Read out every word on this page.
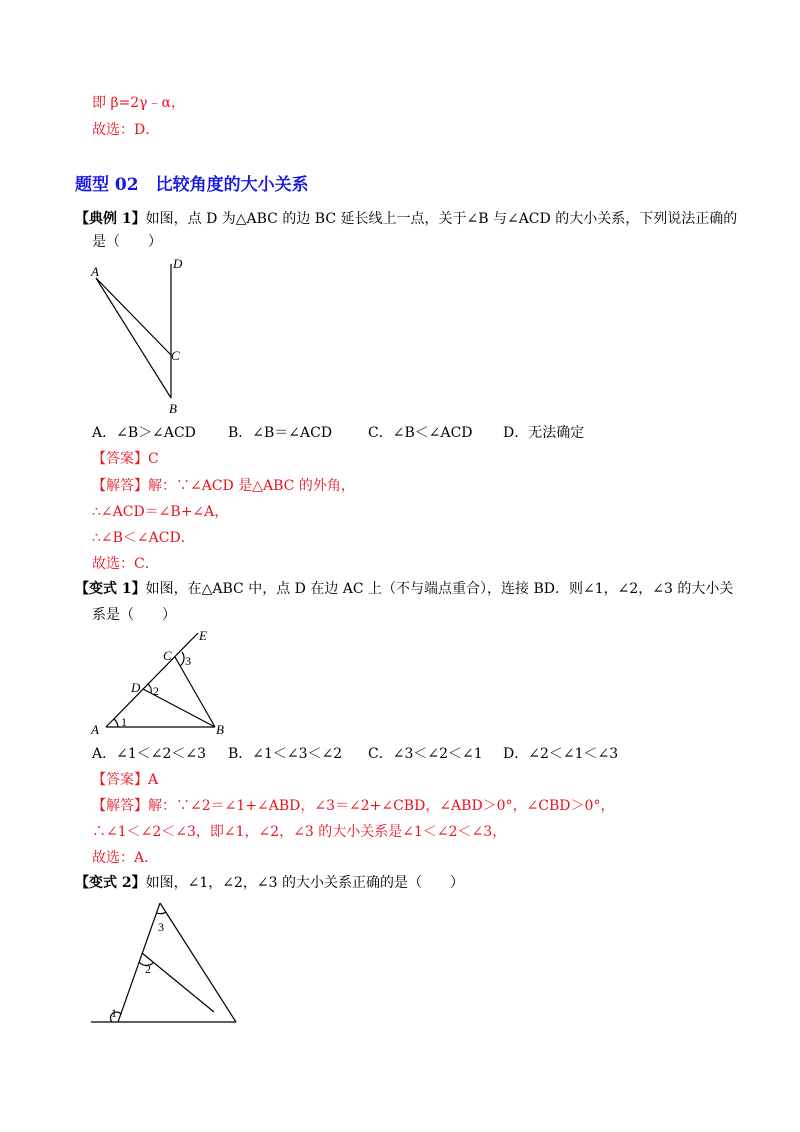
即 β=2γ﹣α，
故选：D．
题型 02　比较角度的大小关系
【典例 1】如图，点 D 为△ABC 的边 BC 延长线上一点，关于∠B 与∠ACD 的大小关系，下列说法正确的
是（　　）
A
D
C
B
A．∠B＞∠ACD B．∠B＝∠ACD	C．∠B＜∠ACD D．无法确定
【答案】C
【解答】解：∵∠ACD 是△ABC 的外角，
∴∠ACD＝∠B+∠A，
∴∠B＜∠ACD．
故选：C．
【变式 1】如图，在△ABC 中，点 D 在边 AC 上（不与端点重合），连接 BD．则∠1，∠2，∠3 的大小关
系是（　　）
A	B
C
D
E
1
2
3
A．∠1＜∠2＜∠3 B．∠1＜∠3＜∠2 C．∠3＜∠2＜∠1 D．∠2＜∠1＜∠3
【答案】A
【解答】解：∵∠2＝∠1+∠ABD，∠3＝∠2+∠CBD，∠ABD＞0°，∠CBD＞0°，
∴∠1＜∠2＜∠3，即∠1，∠2，∠3 的大小关系是∠1＜∠2＜∠3，
故选：A．
【变式 2】如图，∠1，∠2，∠3 的大小关系正确的是（　　）
1
2
3
